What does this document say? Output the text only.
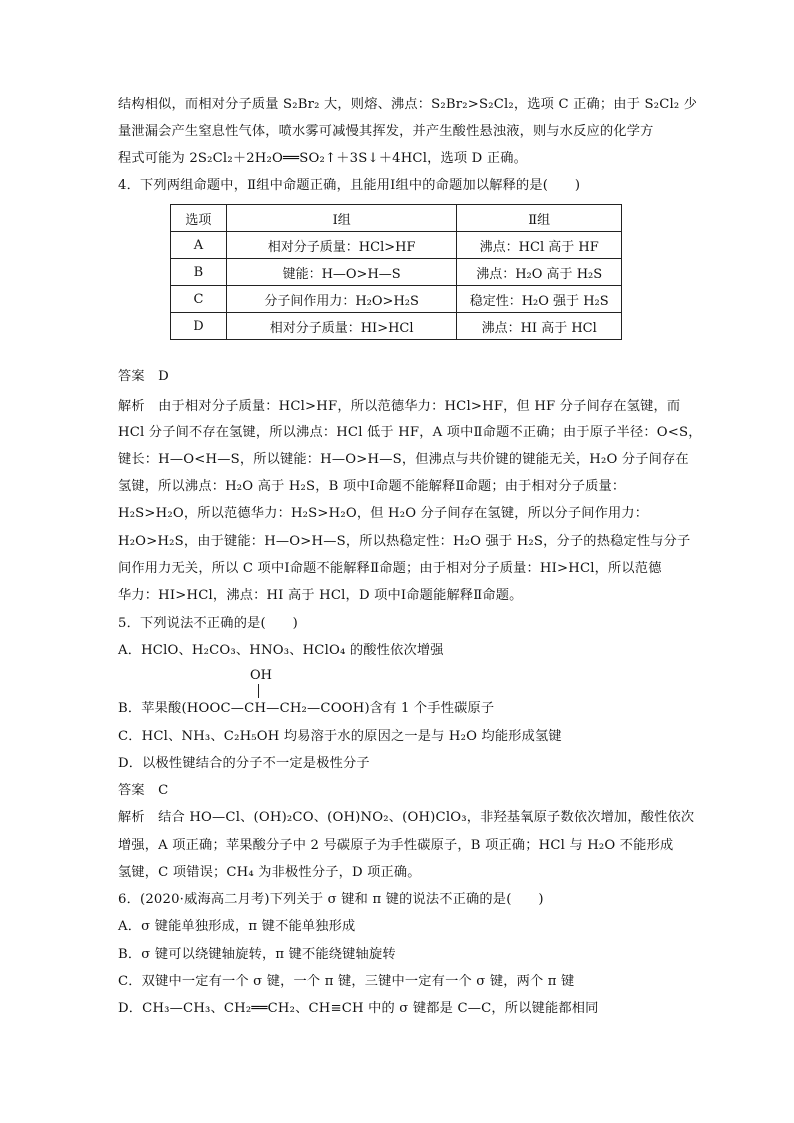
结构相似，而相对分子质量 S₂Br₂ 大，则熔、沸点：S₂Br₂>S₂Cl₂，选项 C 正确；由于 S₂Cl₂ 少
量泄漏会产生窒息性气体，喷水雾可减慢其挥发，并产生酸性悬浊液，则与水反应的化学方
程式可能为 2S₂Cl₂＋2H₂O══SO₂↑＋3S↓＋4HCl，选项 D 正确。
4．下列两组命题中，Ⅱ组中命题正确，且能用Ⅰ组中的命题加以解释的是(　　)
选项	Ⅰ组	Ⅱ组
A	相对分子质量：HCl>HF	沸点：HCl 高于 HF
B	键能：H—O>H—S	沸点：H₂O 高于 H₂S
C	分子间作用力：H₂O>H₂S	稳定性：H₂O 强于 H₂S
D	相对分子质量：HI>HCl	沸点：HI 高于 HCl
答案　D
解析　由于相对分子质量：HCl>HF，所以范德华力：HCl>HF，但 HF 分子间存在氢键，而
HCl 分子间不存在氢键，所以沸点：HCl 低于 HF，A 项中Ⅱ命题不正确；由于原子半径：O<S，
键长：H—O<H—S，所以键能：H—O>H—S，但沸点与共价键的键能无关，H₂O 分子间存在
氢键，所以沸点：H₂O 高于 H₂S，B 项中Ⅰ命题不能解释Ⅱ命题；由于相对分子质量：
H₂S>H₂O，所以范德华力：H₂S>H₂O，但 H₂O 分子间存在氢键，所以分子间作用力：
H₂O>H₂S，由于键能：H—O>H—S，所以热稳定性：H₂O 强于 H₂S，分子的热稳定性与分子
间作用力无关，所以 C 项中Ⅰ命题不能解释Ⅱ命题；由于相对分子质量：HI>HCl，所以范德
华力：HI>HCl，沸点：HI 高于 HCl，D 项中Ⅰ命题能解释Ⅱ命题。
5．下列说法不正确的是(　　)
A．HClO、H₂CO₃、HNO₃、HClO₄ 的酸性依次增强
OH
B．苹果酸(HOOC—CH—CH₂—COOH)含有 1 个手性碳原子
C．HCl、NH₃、C₂H₅OH 均易溶于水的原因之一是与 H₂O 均能形成氢键
D．以极性键结合的分子不一定是极性分子
答案　C
解析　结合 HO—Cl、(OH)₂CO、(OH)NO₂、(OH)ClO₃，非羟基氧原子数依次增加，酸性依次
增强，A 项正确；苹果酸分子中 2 号碳原子为手性碳原子，B 项正确；HCl 与 H₂O 不能形成
氢键，C 项错误；CH₄ 为非极性分子，D 项正确。
6．(2020·威海高二月考)下列关于 σ 键和 π 键的说法不正确的是(　　)
A．σ 键能单独形成，π 键不能单独形成
B．σ 键可以绕键轴旋转，π 键不能绕键轴旋转
C．双键中一定有一个 σ 键，一个 π 键，三键中一定有一个 σ 键，两个 π 键
D．CH₃—CH₃、CH₂══CH₂、CH≡CH 中的 σ 键都是 C—C，所以键能都相同
